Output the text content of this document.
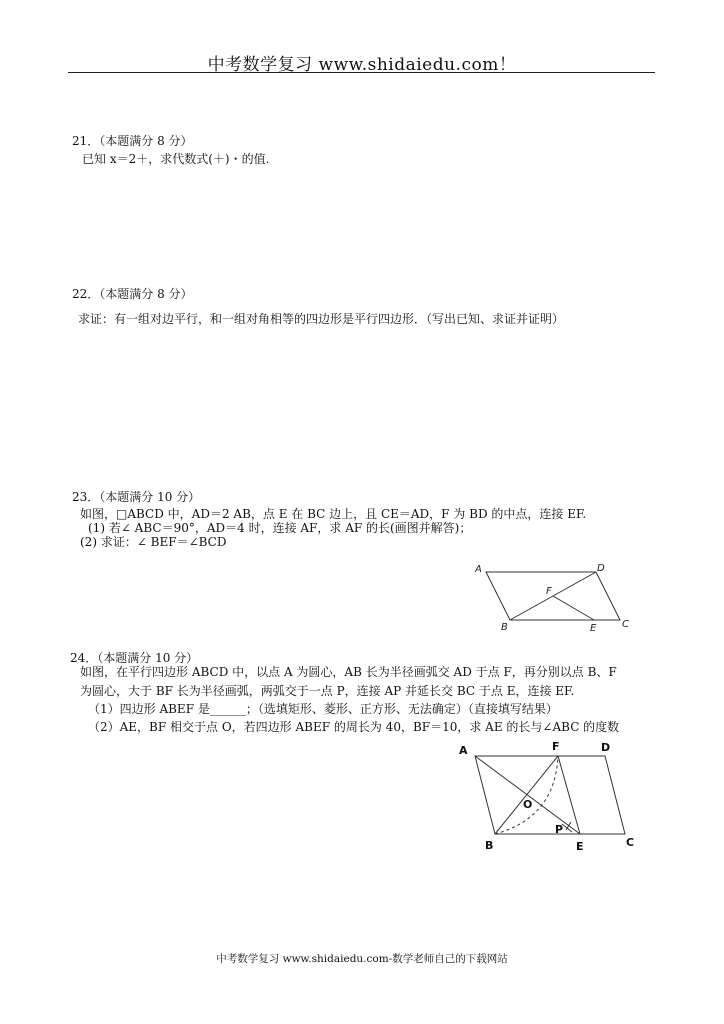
中考数学复习 www.shidaiedu.com！
21．（本题满分 8 分）
已知 x＝2＋，求代数式(＋)・的值.
22．（本题满分 8 分）
求证：有一组对边平行，和一组对角相等的四边形是平行四边形．（写出已知、求证并证明）
23．（本题满分 10 分）
如图，□ABCD 中，AD＝2 AB，点 E 在 BC 边上，且 CE＝AD，F 为 BD 的中点，连接 EF.
(1) 若∠ ABC＝90°，AD＝4 时，连接 AF，求 AF 的长(画图并解答)；
(2) 求证：∠ BEF＝∠BCD
A	D
F
B	E	C
24．（本题满分 10 分）
如图，在平行四边形 ABCD 中，以点 A 为圆心，AB 长为半径画弧交 AD 于点 F，再分别以点 B、F
为圆心，大于 BF 长为半径画弧，两弧交于一点 P，连接 AP 并延长交 BC 于点 E，连接 EF.
（1）四边形 ABEF 是______；（选填矩形、菱形、正方形、无法确定）（直接填写结果）
（2）AE，BF 相交于点 O，若四边形 ABEF 的周长为 40，BF＝10，求 AE 的长与∠ABC 的度数
A	F	D
O
P
B	E	C
中考数学复习 www.shidaiedu.com-数学老师自己的下载网站
